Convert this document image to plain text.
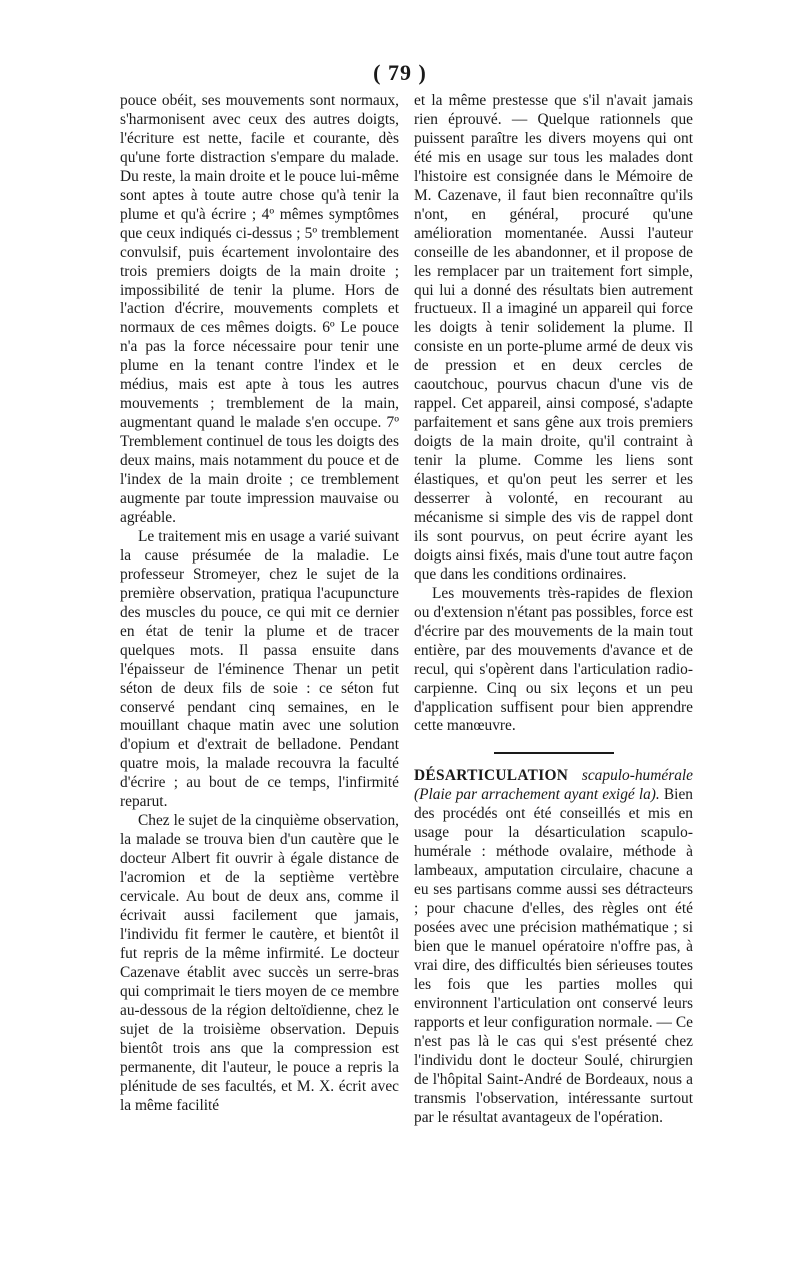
( 79 )

pouce obéit, ses mouvements sont normaux, s'harmonisent avec ceux des autres doigts, l'écriture est nette, facile et courante, dès qu'une forte distraction s'empare du malade. Du reste, la main droite et le pouce lui-même sont aptes à toute autre chose qu'à tenir la plume et qu'à écrire ; 4º mêmes symptômes que ceux indiqués ci-dessus ; 5º tremblement convulsif, puis écartement involontaire des trois premiers doigts de la main droite ; impossibilité de tenir la plume. Hors de l'action d'écrire, mouvements complets et normaux de ces mêmes doigts. 6º Le pouce n'a pas la force nécessaire pour tenir une plume en la tenant contre l'index et le médius, mais est apte à tous les autres mouvements ; tremblement de la main, augmentant quand le malade s'en occupe. 7º Tremblement continuel de tous les doigts des deux mains, mais notamment du pouce et de l'index de la main droite ; ce tremblement augmente par toute impression mauvaise ou agréable.

Le traitement mis en usage a varié suivant la cause présumée de la maladie. Le professeur Stromeyer, chez le sujet de la première observation, pratiqua l'acupuncture des muscles du pouce, ce qui mit ce dernier en état de tenir la plume et de tracer quelques mots. Il passa ensuite dans l'épaisseur de l'éminence Thenar un petit séton de deux fils de soie : ce séton fut conservé pendant cinq semaines, en le mouillant chaque matin avec une solution d'opium et d'extrait de belladone. Pendant quatre mois, la malade recouvra la faculté d'écrire ; au bout de ce temps, l'infirmité reparut.

Chez le sujet de la cinquième observation, la malade se trouva bien d'un cautère que le docteur Albert fit ouvrir à égale distance de l'acromion et de la septième vertèbre cervicale. Au bout de deux ans, comme il écrivait aussi facilement que jamais, l'individu fit fermer le cautère, et bientôt il fut repris de la même infirmité. Le docteur Cazenave établit avec succès un serre-bras qui comprimait le tiers moyen de ce membre au-dessous de la région deltoïdienne, chez le sujet de la troisième observation. Depuis bientôt trois ans que la compression est permanente, dit l'auteur, le pouce a repris la plénitude de ses facultés, et M. X. écrit avec la même facilité

et la même prestesse que s'il n'avait jamais rien éprouvé. — Quelque rationnels que puissent paraître les divers moyens qui ont été mis en usage sur tous les malades dont l'histoire est consignée dans le Mémoire de M. Cazenave, il faut bien reconnaître qu'ils n'ont, en général, procuré qu'une amélioration momentanée. Aussi l'auteur conseille de les abandonner, et il propose de les remplacer par un traitement fort simple, qui lui a donné des résultats bien autrement fructueux. Il a imaginé un appareil qui force les doigts à tenir solidement la plume. Il consiste en un porte-plume armé de deux vis de pression et en deux cercles de caoutchouc, pourvus chacun d'une vis de rappel. Cet appareil, ainsi composé, s'adapte parfaitement et sans gêne aux trois premiers doigts de la main droite, qu'il contraint à tenir la plume. Comme les liens sont élastiques, et qu'on peut les serrer et les desserrer à volonté, en recourant au mécanisme si simple des vis de rappel dont ils sont pourvus, on peut écrire ayant les doigts ainsi fixés, mais d'une tout autre façon que dans les conditions ordinaires.

Les mouvements très-rapides de flexion ou d'extension n'étant pas possibles, force est d'écrire par des mouvements de la main tout entière, par des mouvements d'avance et de recul, qui s'opèrent dans l'articulation radio-carpienne. Cinq ou six leçons et un peu d'application suffisent pour bien apprendre cette manœuvre.

DÉSARTICULATION scapulo-humérale (Plaie par arrachement ayant exigé la). Bien des procédés ont été conseillés et mis en usage pour la désarticulation scapulo-humérale : méthode ovalaire, méthode à lambeaux, amputation circulaire, chacune a eu ses partisans comme aussi ses détracteurs ; pour chacune d'elles, des règles ont été posées avec une précision mathématique ; si bien que le manuel opératoire n'offre pas, à vrai dire, des difficultés bien sérieuses toutes les fois que les parties molles qui environnent l'articulation ont conservé leurs rapports et leur configuration normale. — Ce n'est pas là le cas qui s'est présenté chez l'individu dont le docteur Soulé, chirurgien de l'hôpital Saint-André de Bordeaux, nous a transmis l'observation, intéressante surtout par le résultat avantageux de l'opération.
